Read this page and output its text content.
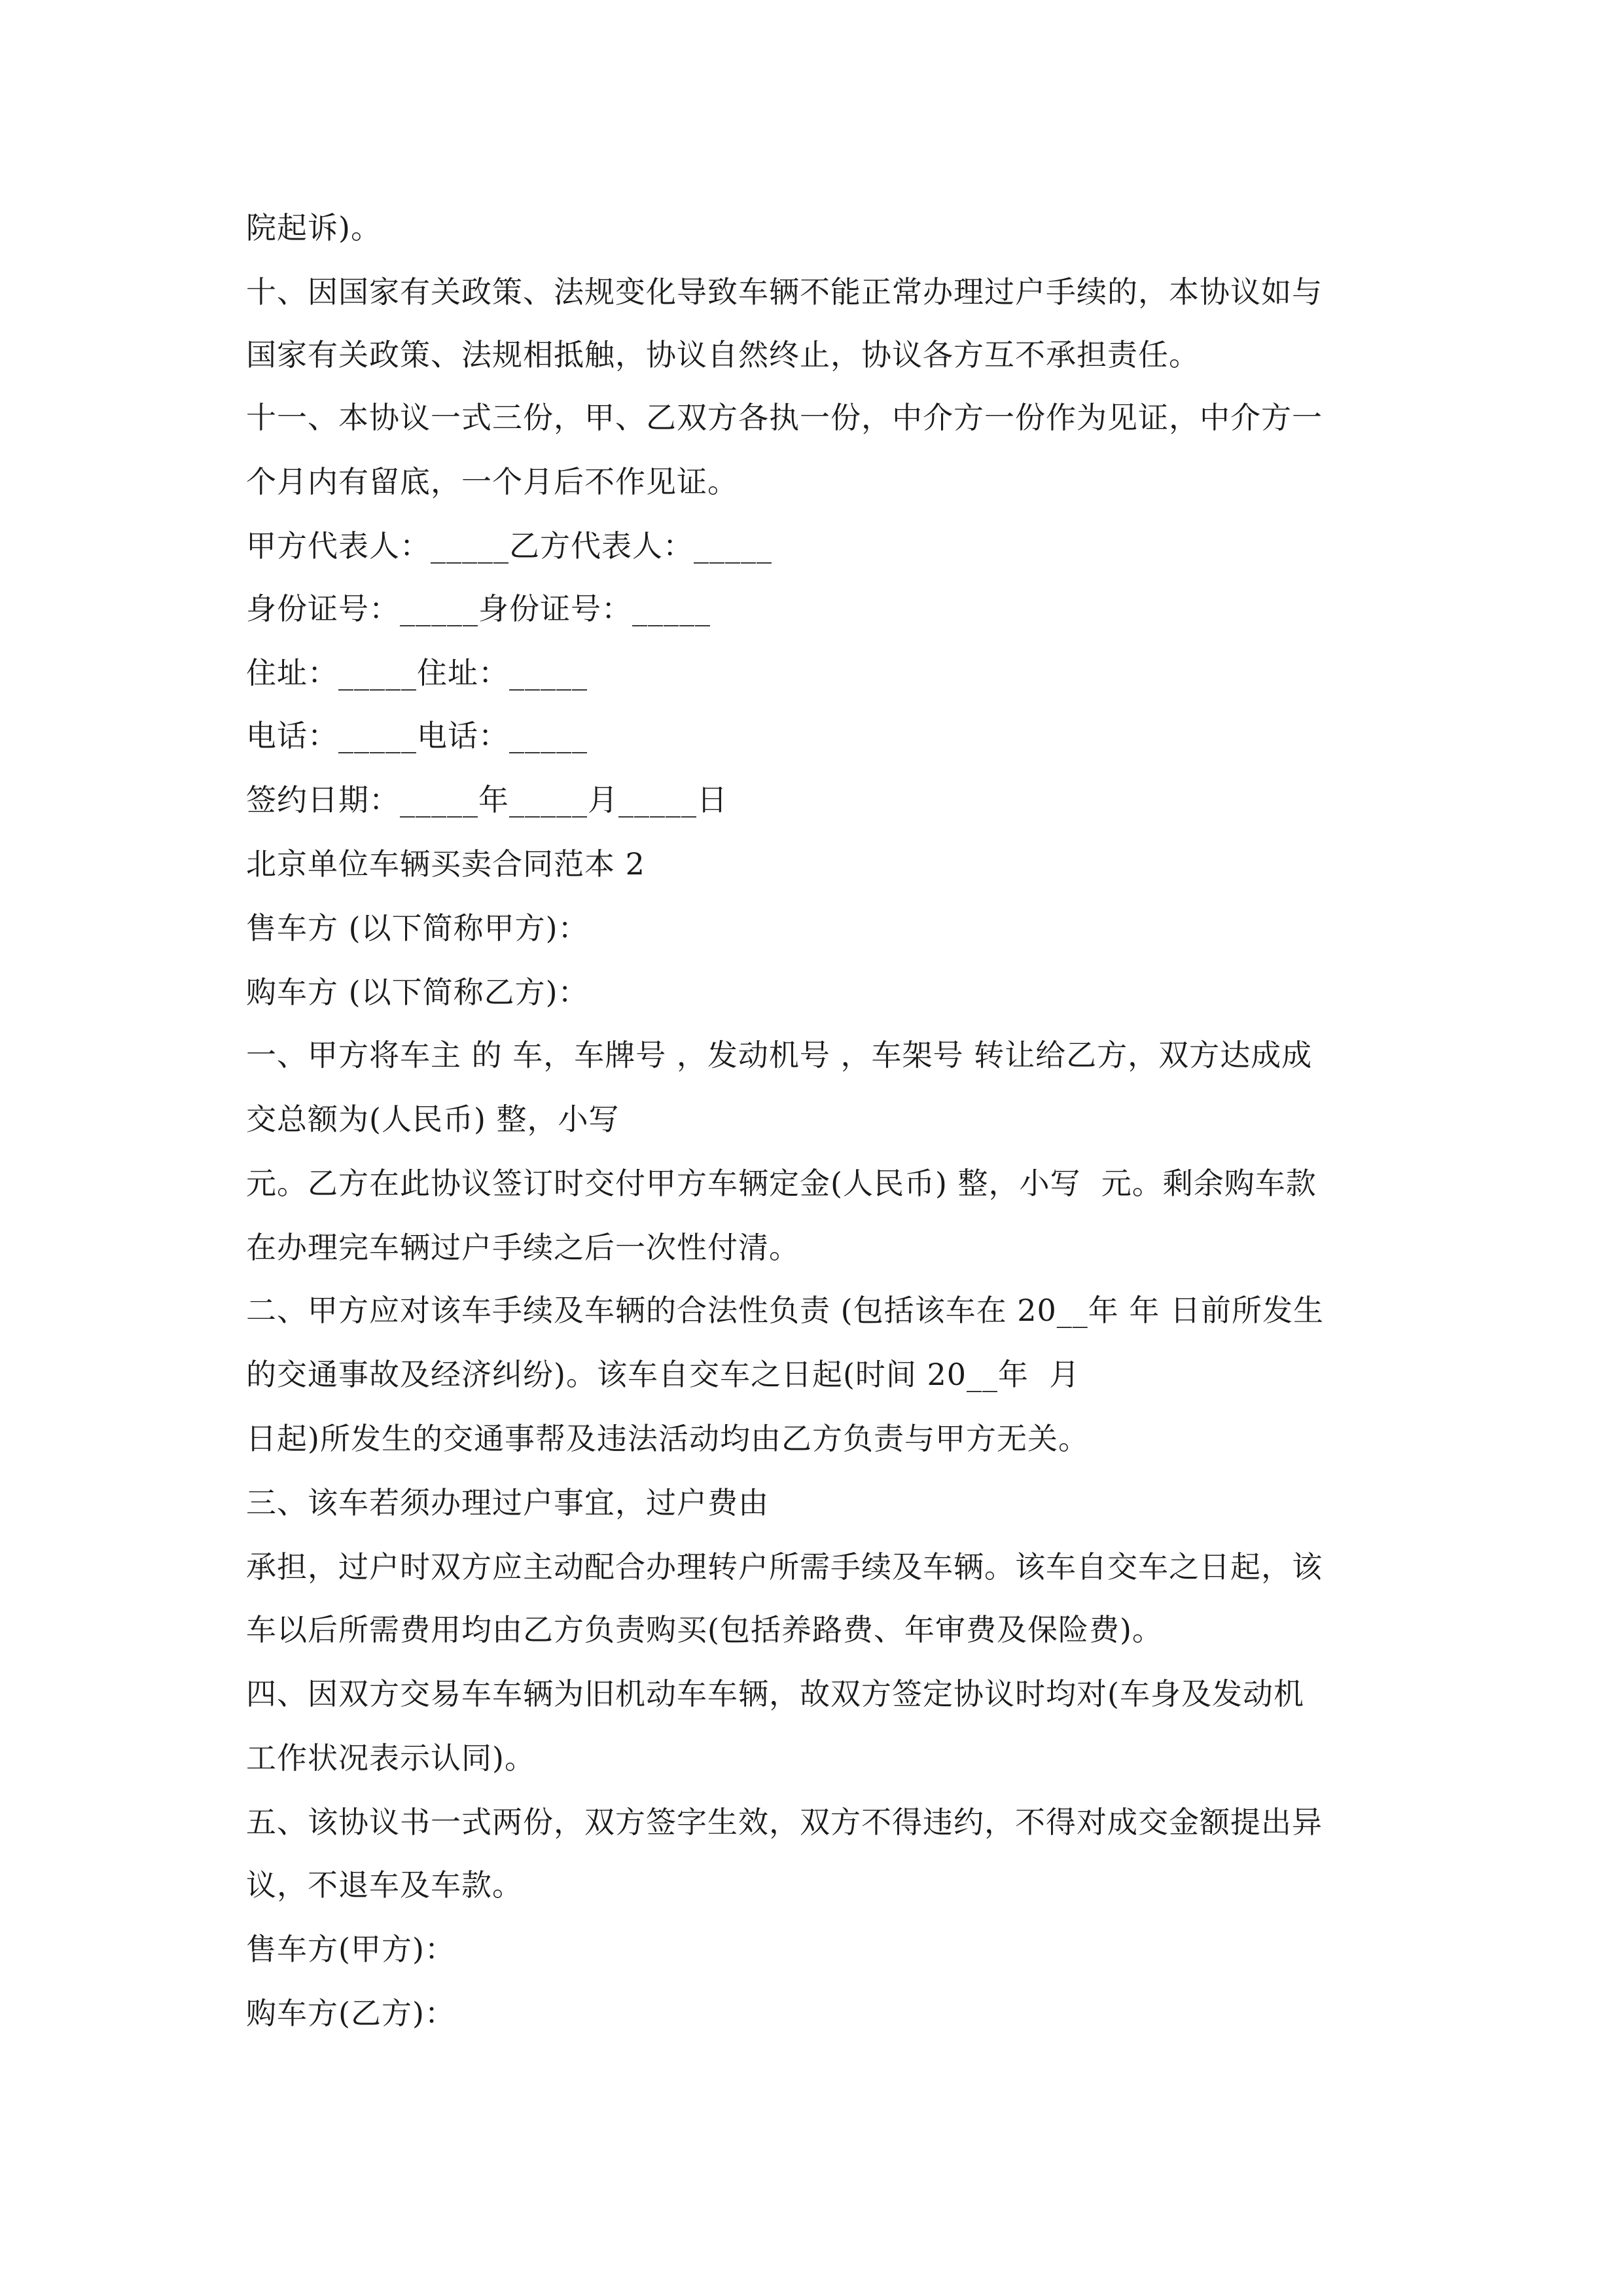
院起诉)。
十、因国家有关政策、法规变化导致车辆不能正常办理过户手续的，本协议如与
国家有关政策、法规相抵触，协议自然终止，协议各方互不承担责任。
十一、本协议一式三份，甲、乙双方各执一份，中介方一份作为见证，中介方一
个月内有留底，一个月后不作见证。
甲方代表人：_____乙方代表人：_____
身份证号：_____身份证号：_____
住址：_____住址：_____
电话：_____电话：_____
签约日期：_____年_____月_____日
北京单位车辆买卖合同范本 2
售车方 (以下简称甲方)：
购车方 (以下简称乙方)：
一、甲方将车主 的 车，车牌号 ，发动机号 ，车架号 转让给乙方，双方达成成
交总额为(人民币) 整，小写
元。乙方在此协议签订时交付甲方车辆定金(人民币) 整，小写  元。剩余购车款
在办理完车辆过户手续之后一次性付清。
二、甲方应对该车手续及车辆的合法性负责 (包括该车在 20__年 年 日前所发生
的交通事故及经济纠纷)。该车自交车之日起(时间 20__年  月
日起)所发生的交通事帮及违法活动均由乙方负责与甲方无关。
三、该车若须办理过户事宜，过户费由
承担，过户时双方应主动配合办理转户所需手续及车辆。该车自交车之日起，该
车以后所需费用均由乙方负责购买(包括养路费、年审费及保险费)。
四、因双方交易车车辆为旧机动车车辆，故双方签定协议时均对(车身及发动机
工作状况表示认同)。
五、该协议书一式两份，双方签字生效，双方不得违约，不得对成交金额提出异
议，不退车及车款。
售车方(甲方)：
购车方(乙方)：
